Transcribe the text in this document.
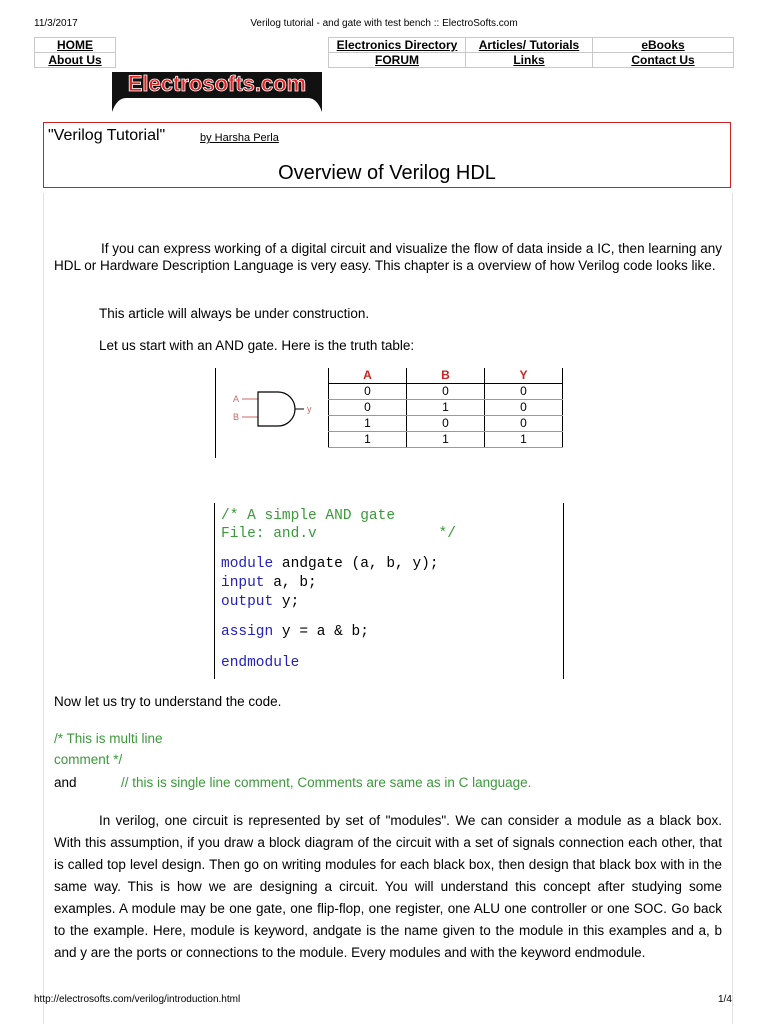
11/3/2017	Verilog tutorial - and gate with test bench :: ElectroSofts.com
HOME
About Us
Electronics Directory	Articles/ Tutorials	eBooks
FORUM	Links	Contact Us
Electrosofts.com
"Verilog Tutorial"	by Harsha Perla
Overview of Verilog HDL

If you can express working of a digital circuit and visualize the flow of data inside a IC, then learning any HDL or Hardware Description Language is very easy. This chapter is a overview of how Verilog code looks like.

This article will always be under construction.

Let us start with an AND gate. Here is the truth table:

A
B
y
A	B	Y
0	0	0
0	1	0
1	0	0
1	1	1
/* A simple AND gate
File: and.v              */
module andgate (a, b, y);
input a, b;
output y;
assign y = a & b;
endmodule

Now let us try to understand the code.

/* This is multi line

comment */

and	// this is single line comment, Comments are same as in C language.

In verilog, one circuit is represented by set of "modules". We can consider a module as a black box. With this assumption, if you draw a block diagram of the circuit with a set of signals connection each other, that is called top level design. Then go on writing modules for each black box, then design that black box with in the same way. This is how we are designing a circuit. You will understand this concept after studying some examples. A module may be one gate, one flip-flop, one register, one ALU one controller or one SOC. Go back to the example. Here, module is keyword, andgate is the name given to the module in this examples and a, b and y are the ports or connections to the module. Every modules and with the keyword endmodule.

http://electrosofts.com/verilog/introduction.html	1/4
